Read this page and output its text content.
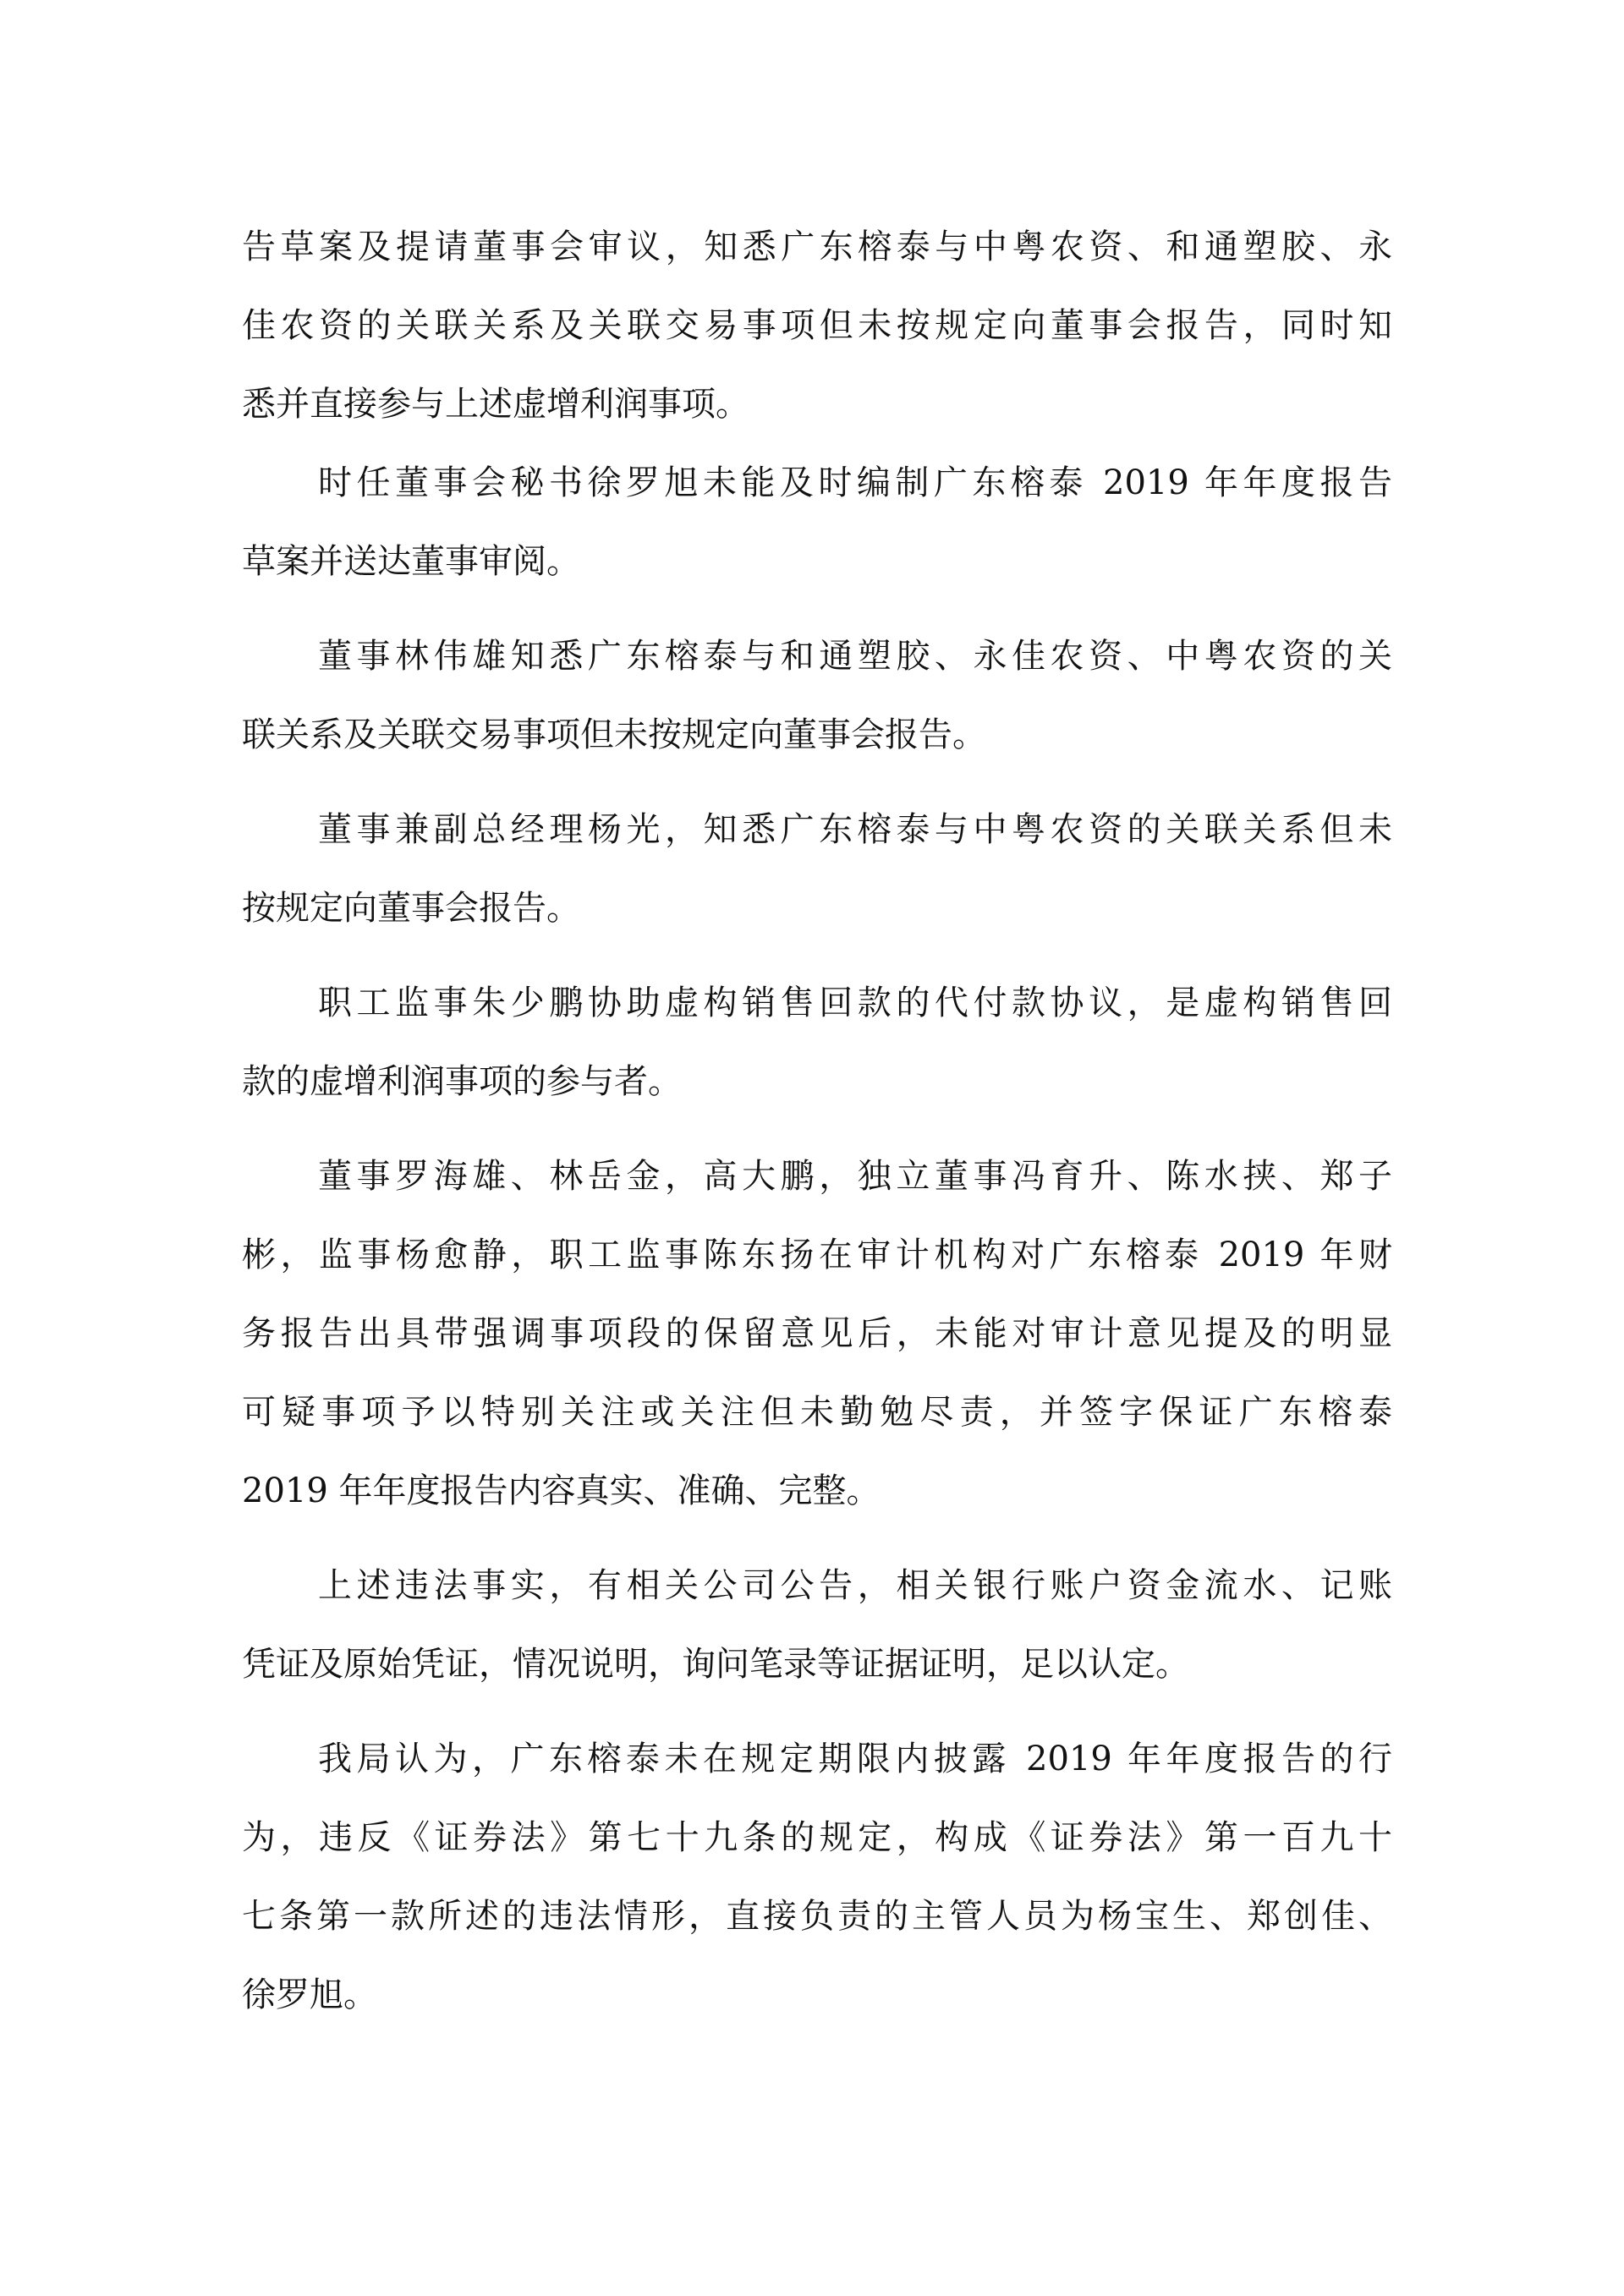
告草案及提请董事会审议，知悉广东榕泰与中粤农资、和通塑胶、永
佳农资的关联关系及关联交易事项但未按规定向董事会报告，同时知
悉并直接参与上述虚增利润事项。
时任董事会秘书徐罗旭未能及时编制广东榕泰 2019 年年度报告
草案并送达董事审阅。
董事林伟雄知悉广东榕泰与和通塑胶、永佳农资、中粤农资的关
联关系及关联交易事项但未按规定向董事会报告。
董事兼副总经理杨光，知悉广东榕泰与中粤农资的关联关系但未
按规定向董事会报告。
职工监事朱少鹏协助虚构销售回款的代付款协议，是虚构销售回
款的虚增利润事项的参与者。
董事罗海雄、林岳金，高大鹏，独立董事冯育升、陈水挟、郑子
彬，监事杨愈静，职工监事陈东扬在审计机构对广东榕泰 2019 年财
务报告出具带强调事项段的保留意见后，未能对审计意见提及的明显
可疑事项予以特别关注或关注但未勤勉尽责，并签字保证广东榕泰
2019 年年度报告内容真实、准确、完整。
上述违法事实，有相关公司公告，相关银行账户资金流水、记账
凭证及原始凭证，情况说明，询问笔录等证据证明，足以认定。
我局认为，广东榕泰未在规定期限内披露 2019 年年度报告的行
为，违反《证券法》第七十九条的规定，构成《证券法》第一百九十
七条第一款所述的违法情形，直接负责的主管人员为杨宝生、郑创佳、
徐罗旭。
